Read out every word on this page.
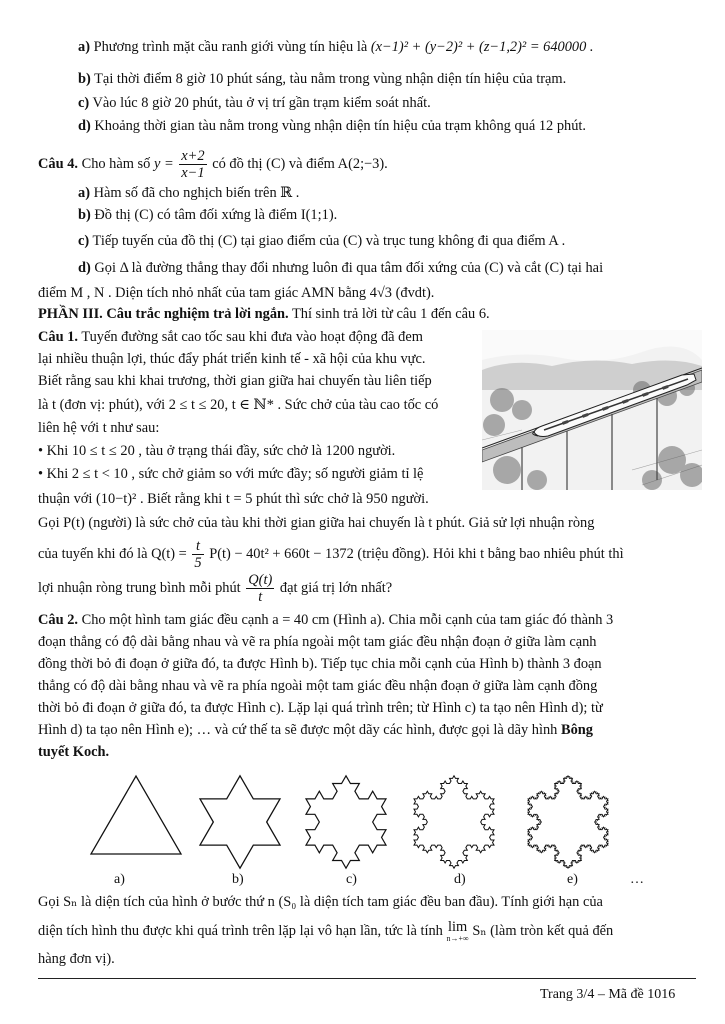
a) Phương trình mặt cầu ranh giới vùng tín hiệu là (x−1)² + (y−2)² + (z−1,2)² = 640000 .
b) Tại thời điểm 8 giờ 10 phút sáng, tàu nằm trong vùng nhận diện tín hiệu của trạm.
c) Vào lúc 8 giờ 20 phút, tàu ở vị trí gần trạm kiểm soát nhất.
d) Khoảng thời gian tàu nằm trong vùng nhận diện tín hiệu của trạm không quá 12 phút.
Câu 4. Cho hàm số $y = \frac{x+2}{x-1}$ có đồ thị (C) và điểm A(2;−3).
a) Hàm số đã cho nghịch biến trên ℝ .
b) Đồ thị (C) có tâm đối xứng là điểm I(1;1).
c) Tiếp tuyến của đồ thị (C) tại giao điểm của (C) và trục tung không đi qua điểm A .
d) Gọi Δ là đường thẳng thay đổi nhưng luôn đi qua tâm đối xứng của (C) và cắt (C) tại hai
điểm M , N . Diện tích nhỏ nhất của tam giác AMN bằng 4√3 (đvdt).
PHẦN III. Câu trắc nghiệm trả lời ngắn. Thí sinh trả lời từ câu 1 đến câu 6.
Câu 1. Tuyến đường sắt cao tốc sau khi đưa vào hoạt động đã đem
lại nhiều thuận lợi, thúc đẩy phát triển kinh tế - xã hội của khu vực.
Biết rằng sau khi khai trương, thời gian giữa hai chuyến tàu liên tiếp
là t (đơn vị: phút), với 2 ≤ t ≤ 20, t ∈ ℕ* . Sức chở của tàu cao tốc có
liên hệ với t như sau:
• Khi 10 ≤ t ≤ 20 , tàu ở trạng thái đầy, sức chở là 1200 người.
• Khi 2 ≤ t < 10 , sức chở giảm so với mức đầy; số người giảm tỉ lệ
thuận với (10−t)² . Biết rằng khi t = 5 phút thì sức chở là 950 người.
Gọi P(t) (người) là sức chở của tàu khi thời gian giữa hai chuyến là t phút. Giả sử lợi nhuận ròng
của tuyến khi đó là $Q(t) = \frac{t}{5} P(t) - 40t^2 + 660t - 1372$ (triệu đồng). Hỏi khi t bằng bao nhiêu phút thì
lợi nhuận ròng trung bình mỗi phút $\frac{Q(t)}{t}$ đạt giá trị lớn nhất?
Câu 2. Cho một hình tam giác đều cạnh a = 40 cm (Hình a). Chia mỗi cạnh của tam giác đó thành 3
đoạn thẳng có độ dài bằng nhau và vẽ ra phía ngoài một tam giác đều nhận đoạn ở giữa làm cạnh
đồng thời bỏ đi đoạn ở giữa đó, ta được Hình b). Tiếp tục chia mỗi cạnh của Hình b) thành 3 đoạn
thẳng có độ dài bằng nhau và vẽ ra phía ngoài một tam giác đều nhận đoạn ở giữa làm cạnh đồng
thời bỏ đi đoạn ở giữa đó, ta được Hình c). Lặp lại quá trình trên; từ Hình c) ta tạo nên Hình d); từ
Hình d) ta tạo nên Hình e); … và cứ thế ta sẽ được một dãy các hình, được gọi là dãy hình Bông
tuyết Koch.
a)	b)	c)	d)	e)	…
Gọi Sₙ là diện tích của hình ở bước thứ n (S₀ là diện tích tam giác đều ban đầu). Tính giới hạn của
diện tích hình thu được khi quá trình trên lặp lại vô hạn lần, tức là tính lim
n→+∞ Sₙ (làm tròn kết quả đến
hàng đơn vị).
Trang 3/4 – Mã đề 1016
